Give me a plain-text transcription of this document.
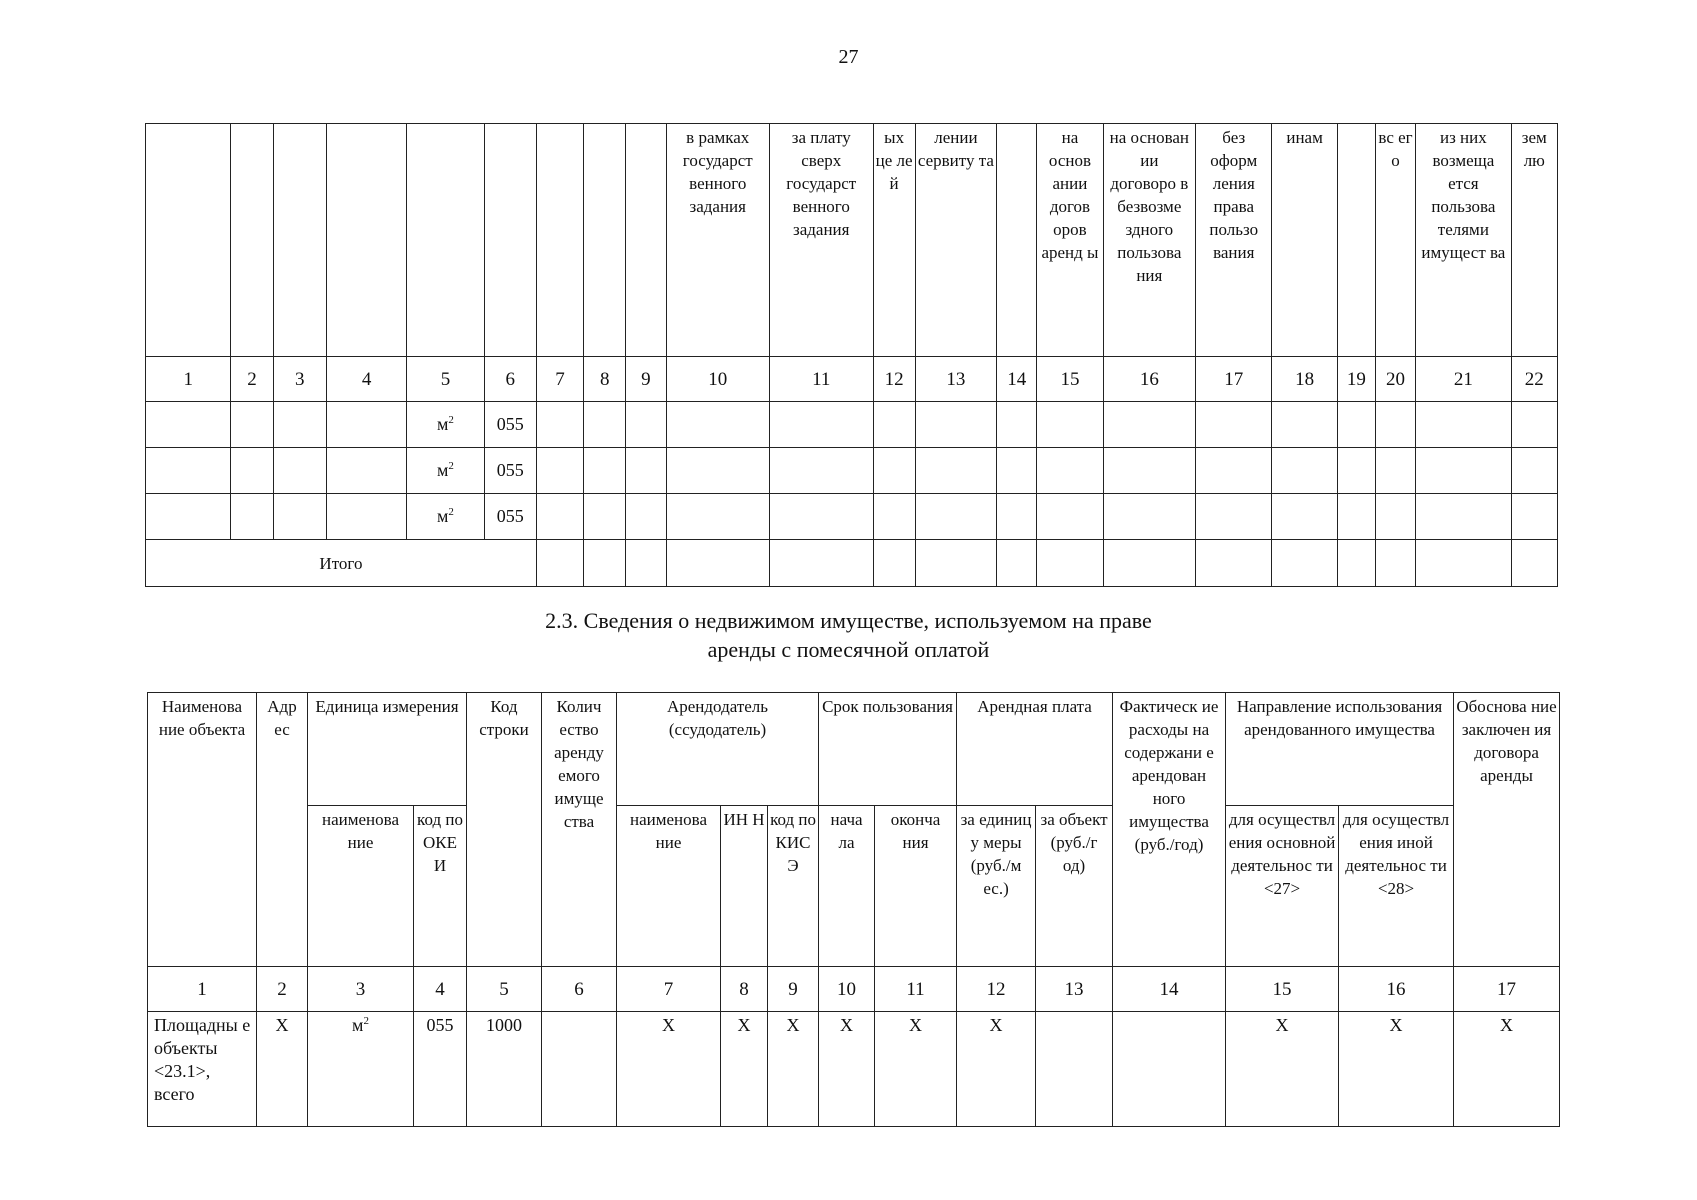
27
									в рамках государст венного задания	за плату сверх государст венного задания	ых це ле й	лении сервиту та		на основ ании догов оров аренд ы	на основан ии договоро в безвозме здного пользова ния	без оформ ления права пользо вания	инам		вс ег о	из них возмеща ется пользова телями имущест ва	зем лю
1	2	3	4	5	6	7	8	9	10	11	12	13	14	15	16	17	18	19	20	21	22
				$м^2$	055																
				$м^2$	055																
				$м^2$	055																
Итого																					
2.3. Сведения о недвижимом имуществе, используемом на праве
аренды с помесячной оплатой
Наименова ние объекта	Адр ес	Единица измерения		Код строки	Колич ество аренду емого имуще ства	Арендодатель (ссудодатель)			Срок пользования		Арендная плата		Фактическ ие расходы на содержани е арендован ного имущества (руб./год)	Направление использования арендованного имущества		Обоснова ние заключен ия договора аренды
		наименова ние	код по ОКЕ И			наименова ние	ИН Н	код по КИС Э	нача ла	оконча ния	за единиц у меры (руб./м ес.)	за объект (руб./г од)		для осуществл ения основной деятельнос ти <27>	для осуществл ения иной деятельнос ти <28>	
1	2	3	4	5	6	7	8	9	10	11	12	13	14	15	16	17
Площадны е объекты <23.1>, всего	X	$м^2$	055	1000		X	X	X	X	X	X			X	X	X
